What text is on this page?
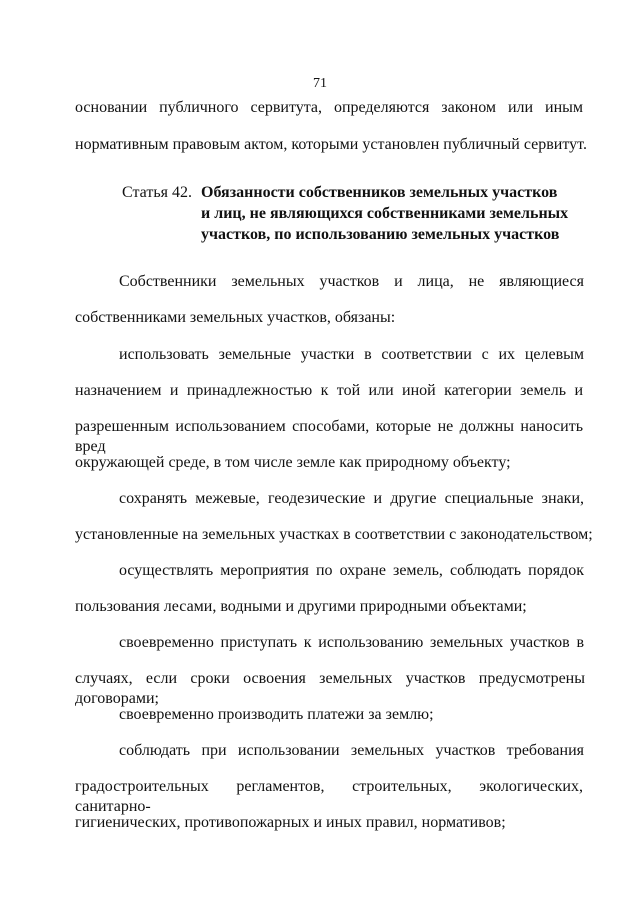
71
основании публичного сервитута, определяются законом или иным
нормативным правовым актом, которыми установлен публичный сервитут.
Статья 42. Обязанности собственников земельных участков
и лиц, не являющихся собственниками земельных
участков, по использованию земельных участков
Собственники земельных участков и лица, не являющиеся
собственниками земельных участков, обязаны:
использовать земельные участки в соответствии с их целевым
назначением и принадлежностью к той или иной категории земель и
разрешенным использованием способами, которые не должны наносить вред
окружающей среде, в том числе земле как природному объекту;
сохранять межевые, геодезические и другие специальные знаки,
установленные на земельных участках в соответствии с законодательством;
осуществлять мероприятия по охране земель, соблюдать порядок
пользования лесами, водными и другими природными объектами;
своевременно приступать к использованию земельных участков в
случаях, если сроки освоения земельных участков предусмотрены договорами;
своевременно производить платежи за землю;
соблюдать при использовании земельных участков требования
градостроительных регламентов, строительных, экологических, санитарно-
гигиенических, противопожарных и иных правил, нормативов;
